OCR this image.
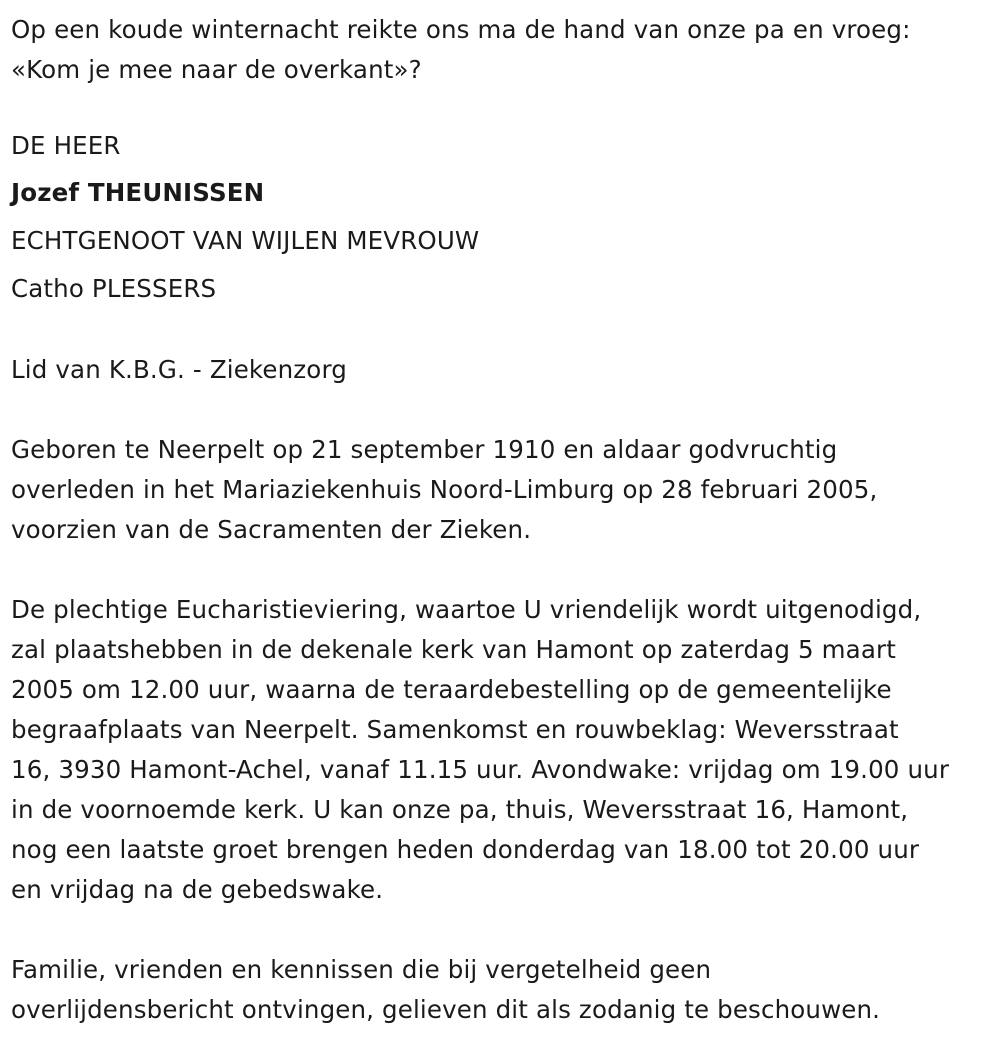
Op een koude winternacht reikte ons ma de hand van onze pa en vroeg:
«Kom je mee naar de overkant»?
DE HEER
Jozef THEUNISSEN
ECHTGENOOT VAN WIJLEN MEVROUW
Catho PLESSERS
Lid van K.B.G. - Ziekenzorg
Geboren te Neerpelt op 21 september 1910 en aldaar godvruchtig
overleden in het Mariaziekenhuis Noord-Limburg op 28 februari 2005,
voorzien van de Sacramenten der Zieken.
De plechtige Eucharistieviering, waartoe U vriendelijk wordt uitgenodigd,
zal plaatshebben in de dekenale kerk van Hamont op zaterdag 5 maart
2005 om 12.00 uur, waarna de teraardebestelling op de gemeentelijke
begraafplaats van Neerpelt. Samenkomst en rouwbeklag: Weversstraat
16, 3930 Hamont-Achel, vanaf 11.15 uur. Avondwake: vrijdag om 19.00 uur
in de voornoemde kerk. U kan onze pa, thuis, Weversstraat 16, Hamont,
nog een laatste groet brengen heden donderdag van 18.00 tot 20.00 uur
en vrijdag na de gebedswake.
Familie, vrienden en kennissen die bij vergetelheid geen
overlijdensbericht ontvingen, gelieven dit als zodanig te beschouwen.
